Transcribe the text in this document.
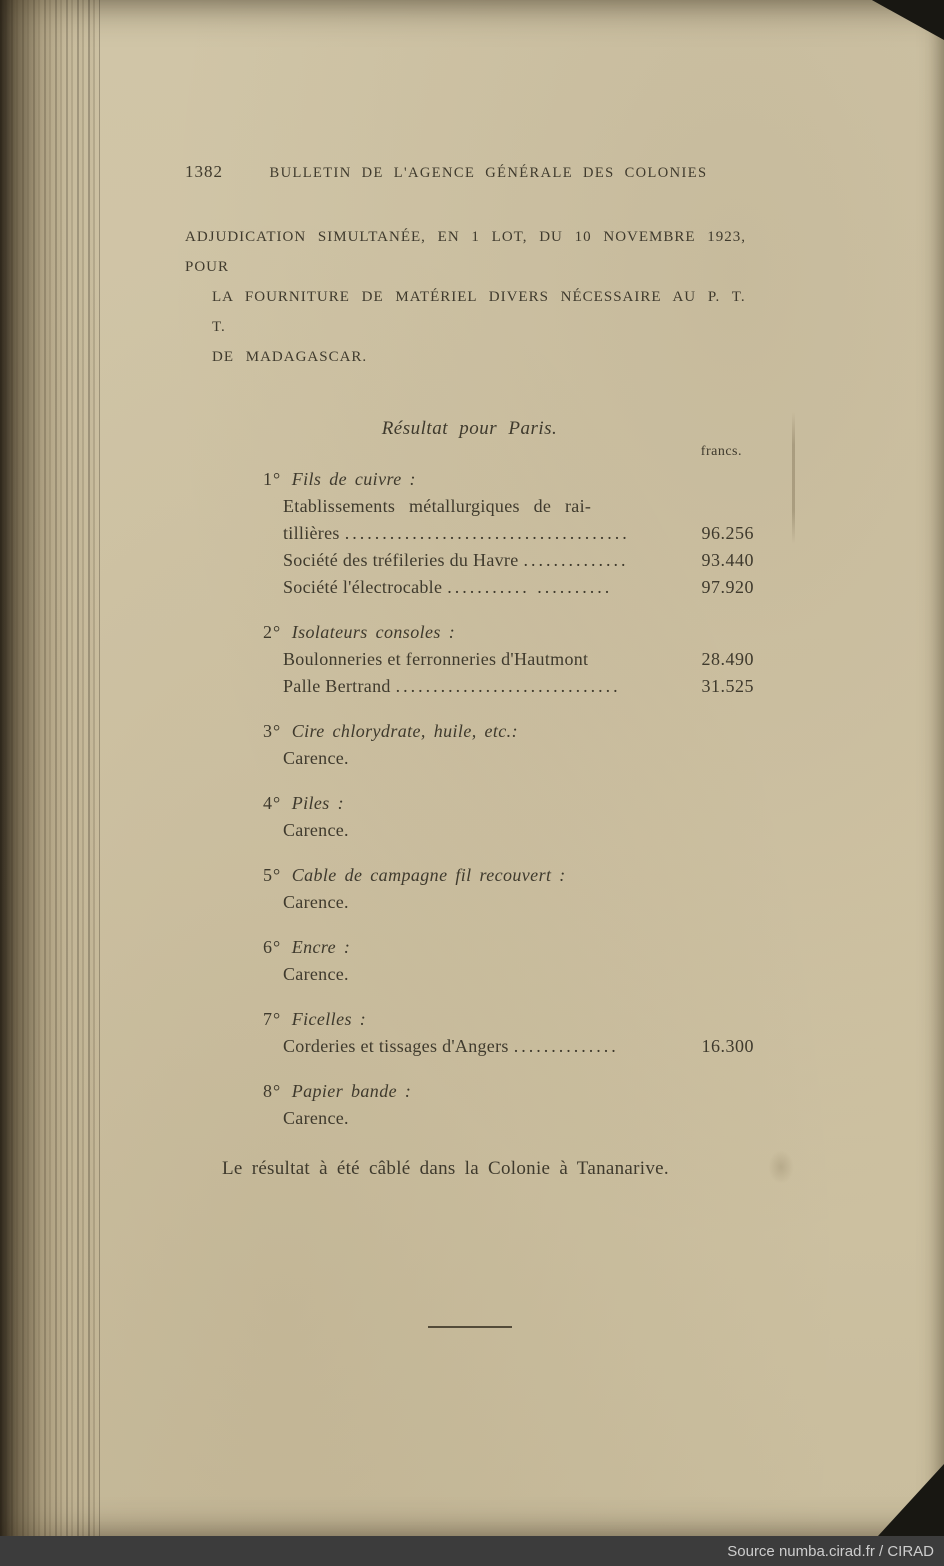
1382	BULLETIN DE L'AGENCE GÉNÉRALE DES COLONIES
ADJUDICATION SIMULTANÉE, EN 1 LOT, DU 10 NOVEMBRE 1923, POUR
LA FOURNITURE DE MATÉRIEL DIVERS NÉCESSAIRE AU P. T. T.
DE MADAGASCAR.
Résultat pour Paris.
francs.
1° Fils de cuivre :
Etablissements métallurgiques de rai-
tillières ......................................	96.256
Société des tréfileries du Havre ..............	93.440
Société l'électrocable ........... ..........	97.920
2° Isolateurs consoles :
Boulonneries et ferronneries d'Hautmont	28.490
Palle Bertrand ..............................	31.525
3° Cire chlorydrate, huile, etc.:
Carence.
4° Piles :
Carence.
5° Cable de campagne fil recouvert :
Carence.
6° Encre :
Carence.
7° Ficelles :
Corderies et tissages d'Angers ..............	16.300
8° Papier bande :
Carence.
Le résultat à été câblé dans la Colonie à Tananarive.
Source numba.cirad.fr / CIRAD
